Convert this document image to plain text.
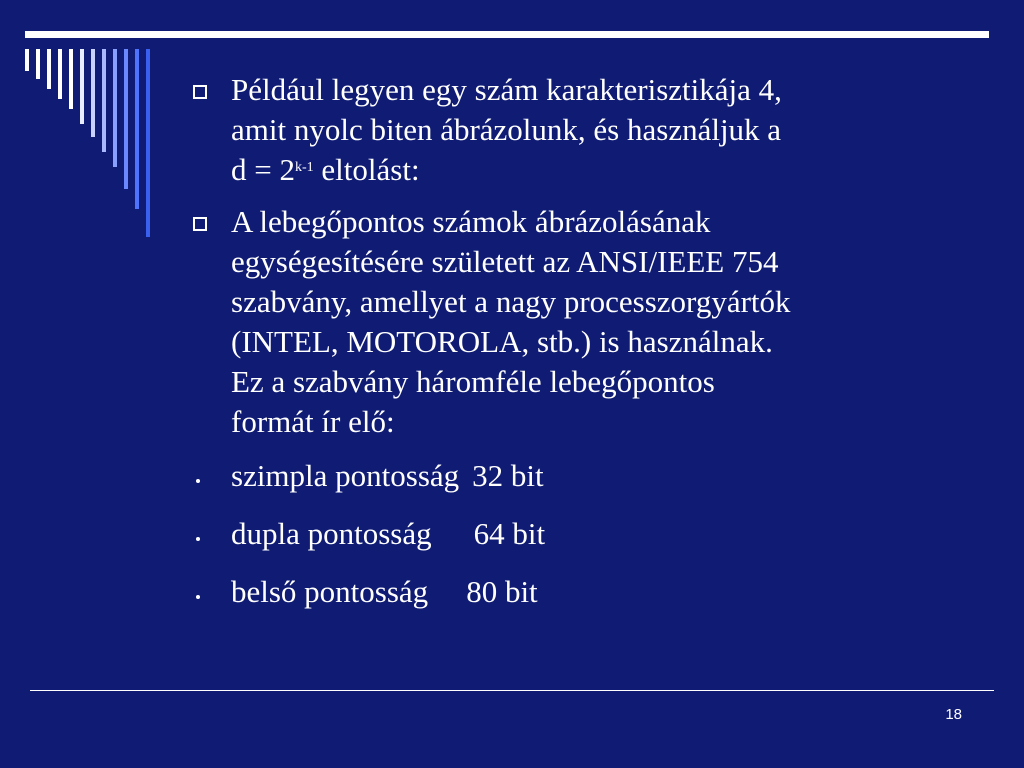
Például legyen egy szám karakterisztikája 4,
amit nyolc biten ábrázolunk, és használjuk a
$d = 2^{k-1}$ eltolást:
A lebegőpontos számok ábrázolásának
egységesítésére született az ANSI/IEEE 754
szabvány, amellyet a nagy processzorgyártók
(INTEL, MOTOROLA, stb.) is használnak.
Ez a szabvány háromféle lebegőpontos
formát ír elő:
szimpla pontosság 32 bit
dupla pontosság 64 bit
belső pontosság 80 bit
18
